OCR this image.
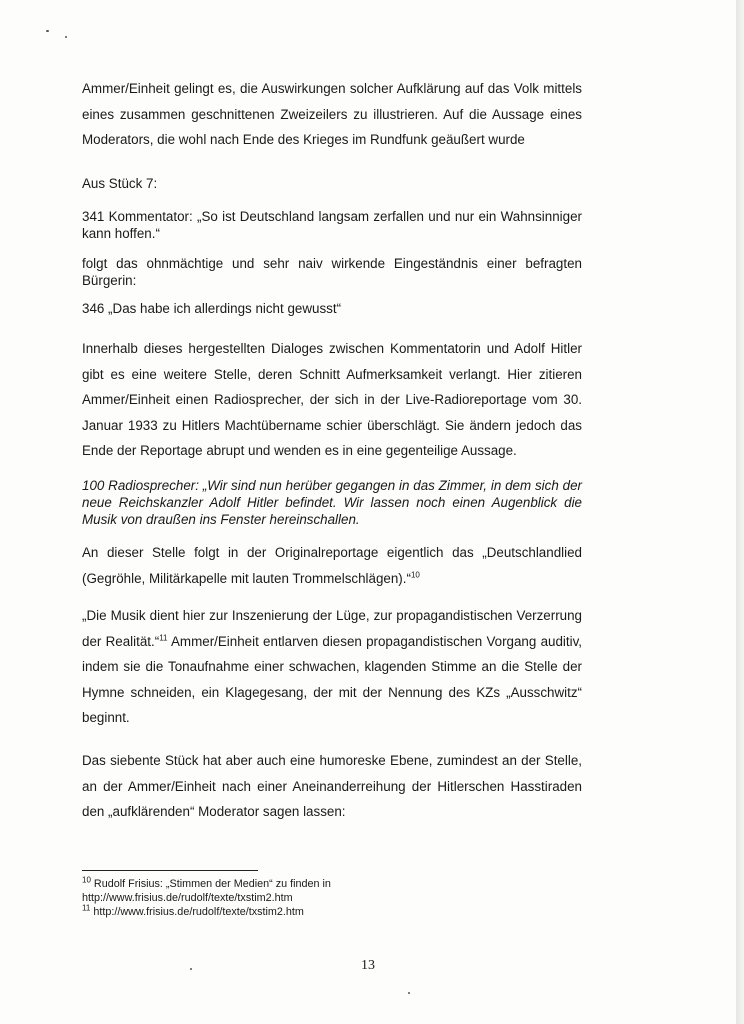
Ammer/Einheit gelingt es, die Auswirkungen solcher Aufklärung auf das Volk mittels eines zusammen geschnittenen Zweizeilers zu illustrieren. Auf die Aussage eines Moderators, die wohl nach Ende des Krieges im Rundfunk geäußert wurde

Aus Stück 7:

341 Kommentator: „So ist Deutschland langsam zerfallen und nur ein Wahnsinniger kann hoffen.“

folgt das ohnmächtige und sehr naiv wirkende Eingeständnis einer befragten Bürgerin:

346 „Das habe ich allerdings nicht gewusst“

Innerhalb dieses hergestellten Dialoges zwischen Kommentatorin und Adolf Hitler gibt es eine weitere Stelle, deren Schnitt Aufmerksamkeit verlangt. Hier zitieren Ammer/Einheit einen Radiosprecher, der sich in der Live-Radioreportage vom 30. Januar 1933 zu Hitlers Machtübername schier überschlägt. Sie ändern jedoch das Ende der Reportage abrupt und wenden es in eine gegenteilige Aussage.

100 Radiosprecher: „Wir sind nun herüber gegangen in das Zimmer, in dem sich der neue Reichskanzler Adolf Hitler befindet. Wir lassen noch einen Augenblick die Musik von draußen ins Fenster hereinschallen.

An dieser Stelle folgt in der Originalreportage eigentlich das „Deutschlandlied (Gegröhle, Militärkapelle mit lauten Trommelschlägen).“$^{10}$

„Die Musik dient hier zur Inszenierung der Lüge, zur propagandistischen Verzerrung der Realität.“$^{11}$ Ammer/Einheit entlarven diesen propagandistischen Vorgang auditiv, indem sie die Tonaufnahme einer schwachen, klagenden Stimme an die Stelle der Hymne schneiden, ein Klagegesang, der mit der Nennung des KZs „Ausschwitz“ beginnt.

Das siebente Stück hat aber auch eine humoreske Ebene, zumindest an der Stelle, an der Ammer/Einheit nach einer Aneinanderreihung der Hitlerschen Hasstiraden den „aufklärenden“ Moderator sagen lassen:

$^{10}$ Rudolf Frisius: „Stimmen der Medien“ zu finden in
http://www.frisius.de/rudolf/texte/txstim2.htm
$^{11}$ http://www.frisius.de/rudolf/texte/txstim2.htm
13
